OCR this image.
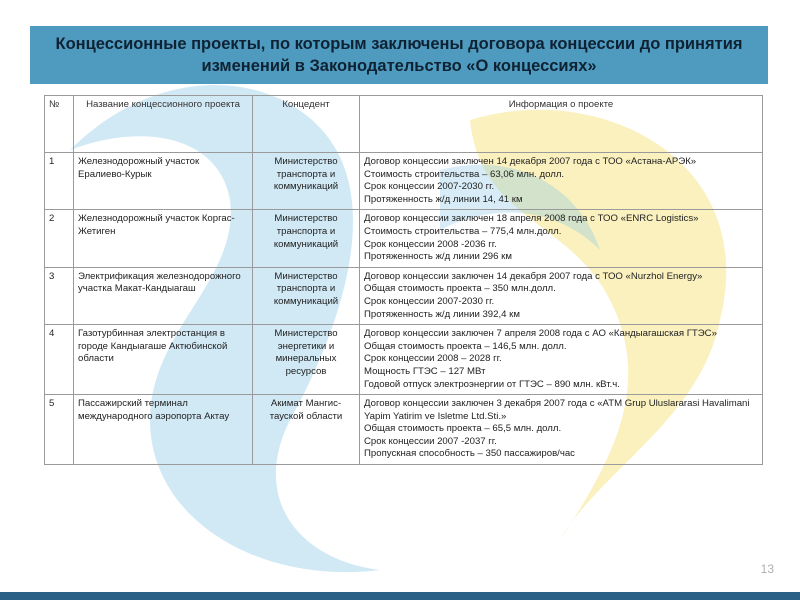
Концессионные проекты, по которым заключены договора концессии до принятия изменений в Законодательство «О концессиях»
№	Название концессионного проекта	Концедент	Информация о проекте
1	Железнодорожный участок Ералиево-Курык	Министерство транспорта и коммуникаций	Договор концессии заключен 14 декабря 2007 года с ТОО «Астана-АРЭК»
Стоимость строительства – 63,06 млн. долл.
Срок концессии 2007-2030 гг.
Протяженность ж/д линии 14, 41 км

2	Железнодорожный участок Коргас-Жетиген	Министерство транспорта и коммуникаций	Договор концессии заключен 18 апреля 2008 года с ТОО «ENRC Logistics»
Стоимость строительства – 775,4 млн.долл.
Срок концессии 2008 -2036 гг.
Протяженность ж/д линии 296 км

3	Электрификация железнодорожного участка Макат-Кандыагаш	Министерство транспорта и коммуникаций	Договор концессии заключен 14 декабря 2007 года с ТОО «Nurzhol Energy»
Общая стоимость проекта – 350 млн.долл.
Срок концессии 2007-2030 гг.
Протяженность ж/д линии 392,4 км

4	Газотурбинная электростанция в городе Кандыагаше Актюбинской области	Министерство энергетики и минеральных ресурсов	Договор концессии заключен 7 апреля 2008 года с АО «Кандыагашская ГТЭС»
Общая стоимость проекта – 146,5 млн. долл.
Срок концессии 2008 – 2028 гг.
Мощность ГТЭС – 127 МВт
Годовой отпуск электроэнергии от ГТЭС – 890 млн. кВт.ч.

5	Пассажирский терминал международного аэропорта Актау	Акимат Мангис-тауской области	Договор концессии заключен 3 декабря 2007 года с «ATM Grup Uluslararasi Havalimani Yapim Yatirim ve Isletme Ltd.Sti.»
Общая стоимость проекта – 65,5 млн. долл.
Срок концессии 2007 -2037 гг.
Пропускная способность – 350 пассажиров/час
13
